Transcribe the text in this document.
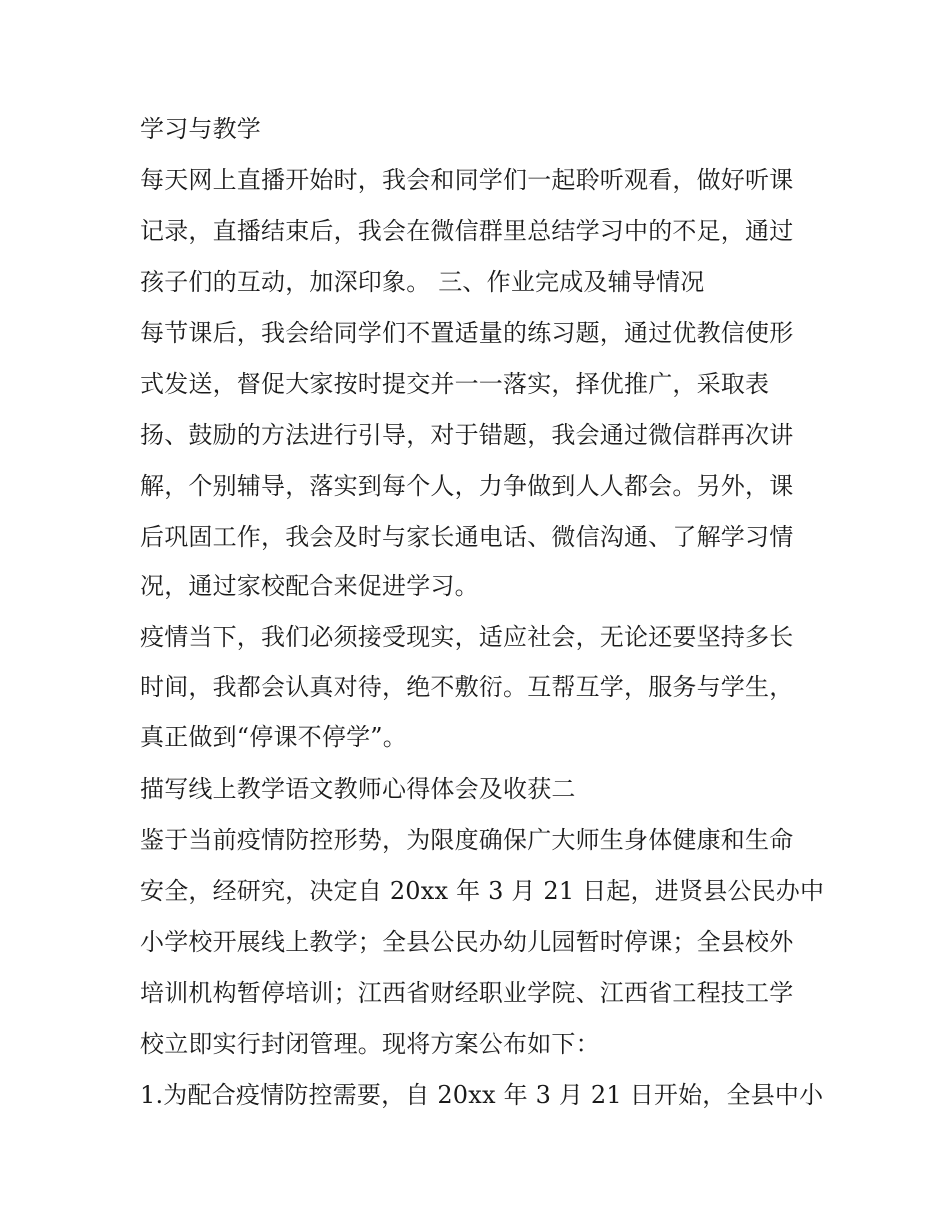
学习与教学

每天网上直播开始时，我会和同学们一起聆听观看，做好听课

记录，直播结束后，我会在微信群里总结学习中的不足，通过

孩子们的互动，加深印象。 三、作业完成及辅导情况

每节课后，我会给同学们不置适量的练习题，通过优教信使形

式发送，督促大家按时提交并一一落实，择优推广，采取表

扬、鼓励的方法进行引导，对于错题，我会通过微信群再次讲

解，个别辅导，落实到每个人，力争做到人人都会。另外，课

后巩固工作，我会及时与家长通电话、微信沟通、了解学习情

况，通过家校配合来促进学习。

疫情当下，我们必须接受现实，适应社会，无论还要坚持多长

时间，我都会认真对待，绝不敷衍。互帮互学，服务与学生，

真正做到“停课不停学”。

描写线上教学语文教师心得体会及收获二

鉴于当前疫情防控形势，为限度确保广大师生身体健康和生命

安全，经研究，决定自 20xx 年 3 月 21 日起，进贤县公民办中

小学校开展线上教学；全县公民办幼儿园暂时停课；全县校外

培训机构暂停培训；江西省财经职业学院、江西省工程技工学

校立即实行封闭管理。现将方案公布如下：

1.为配合疫情防控需要，自 20xx 年 3 月 21 日开始，全县中小
